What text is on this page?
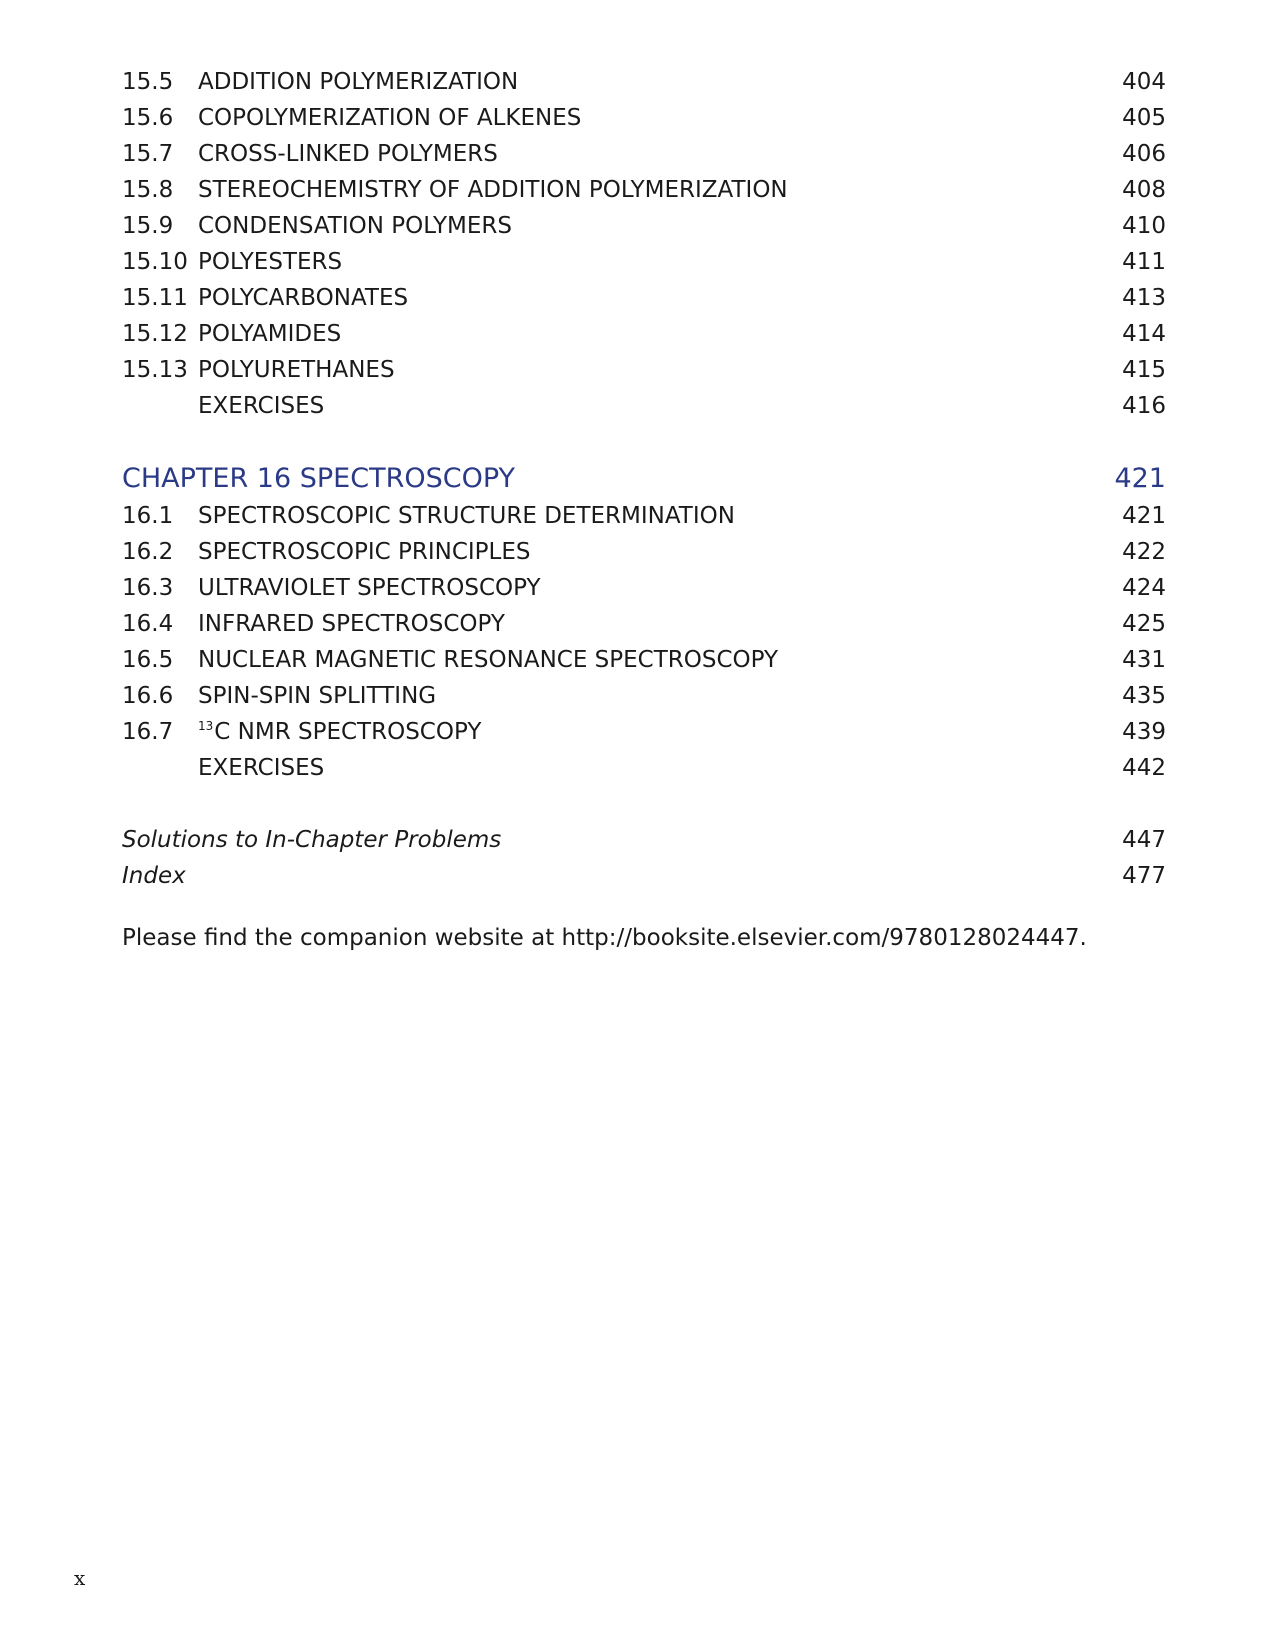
15.5	ADDITION POLYMERIZATION	404
15.6	COPOLYMERIZATION OF ALKENES	405
15.7	CROSS-LINKED POLYMERS	406
15.8	STEREOCHEMISTRY OF ADDITION POLYMERIZATION	408
15.9	CONDENSATION POLYMERS	410
15.10 POLYESTERS	411
15.11 POLYCARBONATES	413
15.12 POLYAMIDES	414
15.13 POLYURETHANES	415
EXERCISES	416
CHAPTER 16 SPECTROSCOPY	421
16.1	SPECTROSCOPIC STRUCTURE DETERMINATION	421
16.2	SPECTROSCOPIC PRINCIPLES	422
16.3	ULTRAVIOLET SPECTROSCOPY	424
16.4	INFRARED SPECTROSCOPY	425
16.5	NUCLEAR MAGNETIC RESONANCE SPECTROSCOPY	431
16.6	SPIN-SPIN SPLITTING	435
16.7	$^{13}$C NMR SPECTROSCOPY	439
EXERCISES	442
Solutions to In-Chapter Problems	447
Index	477
Please find the companion website at http://booksite.elsevier.com/9780128024447.
x
